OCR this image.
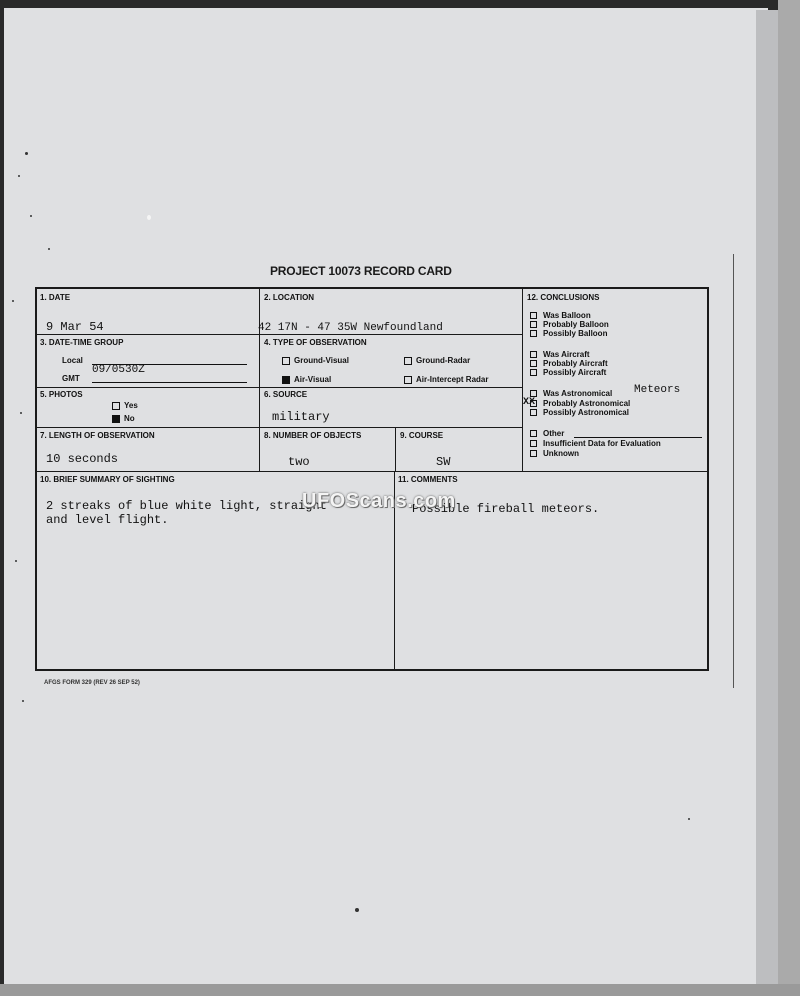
PROJECT 10073 RECORD CARD
1. DATE
9 Mar 54
2. LOCATION
42 17N - 47 35W Newfoundland
3. DATE-TIME GROUP
Local
GMT
09/0530Z
4. TYPE OF OBSERVATION
Ground-Visual	Ground-Radar
Air-Visual	Air-Intercept Radar
5. PHOTOS
Yes
No
6. SOURCE
military
7. LENGTH OF OBSERVATION
10 seconds
8. NUMBER OF OBJECTS
two
9. COURSE
SW
10. BRIEF SUMMARY OF SIGHTING
2 streaks of blue white light, straight
and level flight.
11. COMMENTS
Possible fireball meteors.
12. CONCLUSIONS
Was Balloon
Probably Balloon
Possibly Balloon
Was Aircraft
Probably Aircraft
Possibly Aircraft
Was Astronomical Meteors
Probably Astronomical
XX
Possibly Astronomical
Other
Insufficient Data for Evaluation
Unknown
UFOScans.com
AFGS FORM 329 (REV 26 SEP 52)
